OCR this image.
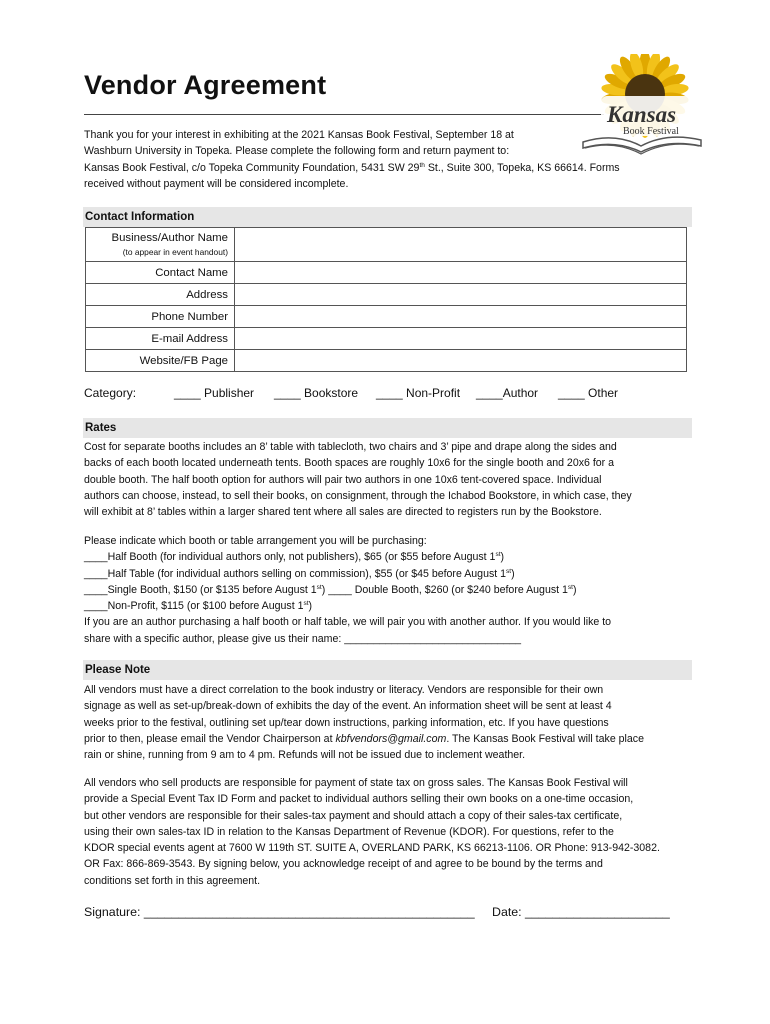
Vendor Agreement
Kansas
Book Festival

Thank you for your interest in exhibiting at the 2021 Kansas Book Festival, September 18 at
Washburn University in Topeka. Please complete the following form and return payment to:
Kansas Book Festival, c/o Topeka Community Foundation, 5431 SW 29th St., Suite 300, Topeka, KS 66614. Forms
received without payment will be considered incomplete.

Contact Information
Business/Author Name
(to appear in event handout)	

Contact Name	
Address	
Phone Number	
E-mail Address	
Website/FB Page	
Category:	____ Publisher	____ Bookstore	____ Non-Profit	____Author	____ Other
Rates

Cost for separate booths includes an 8’ table with tablecloth, two chairs and 3’ pipe and drape along the sides and
backs of each booth located underneath tents. Booth spaces are roughly 10x6 for the single booth and 20x6 for a
double booth. The half booth option for authors will pair two authors in one 10x6 tent-covered space. Individual
authors can choose, instead, to sell their books, on consignment, through the Ichabod Bookstore, in which case, they
will exhibit at 8’ tables within a larger shared tent where all sales are directed to registers run by the Bookstore.

Please indicate which booth or table arrangement you will be purchasing:
____Half Booth (for individual authors only, not publishers), $65 (or $55 before August 1st)
____Half Table (for individual authors selling on commission), $55 (or $45 before August 1st)
____Single Booth, $150 (or $135 before August 1st) ____ Double Booth, $260 (or $240 before August 1st)
____Non-Profit, $115 (or $100 before August 1st)
If you are an author purchasing a half booth or half table, we will pair you with another author. If you would like to
share with a specific author, please give us their name: ______________________________

Please Note

All vendors must have a direct correlation to the book industry or literacy. Vendors are responsible for their own
signage as well as set-up/break-down of exhibits the day of the event. An information sheet will be sent at least 4
weeks prior to the festival, outlining set up/tear down instructions, parking information, etc. If you have questions
prior to then, please email the Vendor Chairperson at kbfvendors@gmail.com. The Kansas Book Festival will take place
rain or shine, running from 9 am to 4 pm. Refunds will not be issued due to inclement weather.

All vendors who sell products are responsible for payment of state tax on gross sales. The Kansas Book Festival will
provide a Special Event Tax ID Form and packet to individual authors selling their own books on a one-time occasion,
but other vendors are responsible for their sales-tax payment and should attach a copy of their sales-tax certificate,
using their own sales-tax ID in relation to the Kansas Department of Revenue (KDOR). For questions, refer to the
KDOR special events agent at 7600 W 119th ST. SUITE A, OVERLAND PARK, KS 66213-1106. OR Phone: 913-942-3082.
OR Fax: 866-869-3543. By signing below, you acknowledge receipt of and agree to be bound by the terms and
conditions set forth in this agreement.

Signature: ________________________________________________ Date: _____________________
